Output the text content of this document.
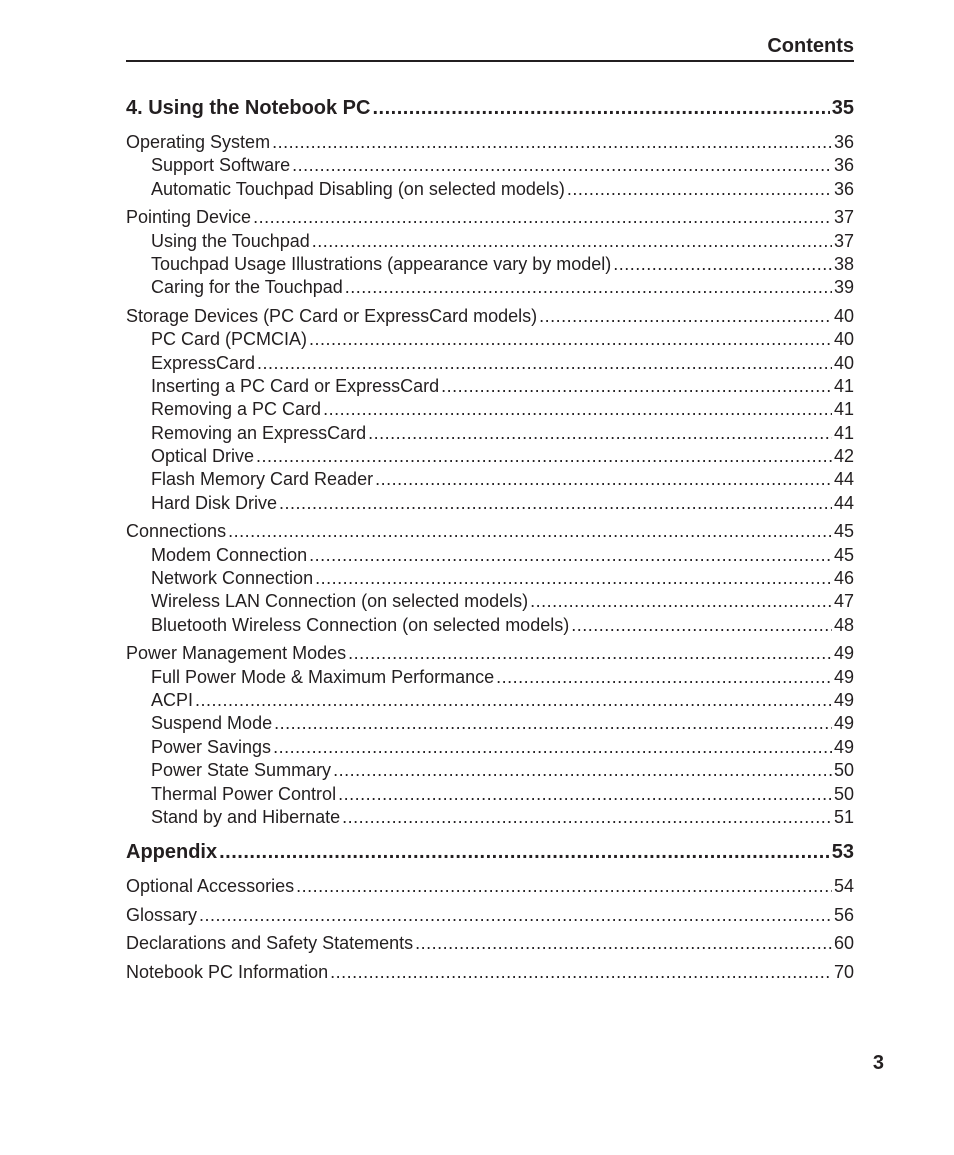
Contents
4. Using the Notebook PC .....	35
Operating System .....	36
Support Software .....	36
Automatic Touchpad Disabling (on selected models) .....	36
Pointing Device .....	37
Using the Touchpad .....	37
Touchpad Usage Illustrations (appearance vary by model) .....	38
Caring for the Touchpad .....	39
Storage Devices (PC Card or ExpressCard models) .....	40
PC Card (PCMCIA) .....	40
ExpressCard .....	40
Inserting a PC Card or ExpressCard .....	41
Removing a PC Card .....	41
Removing an ExpressCard .....	41
Optical Drive .....	42
Flash Memory Card Reader .....	44
Hard Disk Drive .....	44
Connections .....	45
Modem Connection .....	45
Network Connection .....	46
Wireless LAN Connection (on selected models) .....	47
Bluetooth Wireless Connection (on selected models) .....	48
Power Management Modes .....	49
Full Power Mode & Maximum Performance .....	49
ACPI .....	49
Suspend Mode .....	49
Power Savings .....	49
Power State Summary .....	50
Thermal Power Control .....	50
Stand by and Hibernate .....	51
Appendix .....	53
Optional Accessories .....	54
Glossary .....	56
Declarations and Safety Statements .....	60
Notebook PC Information .....	70
3
